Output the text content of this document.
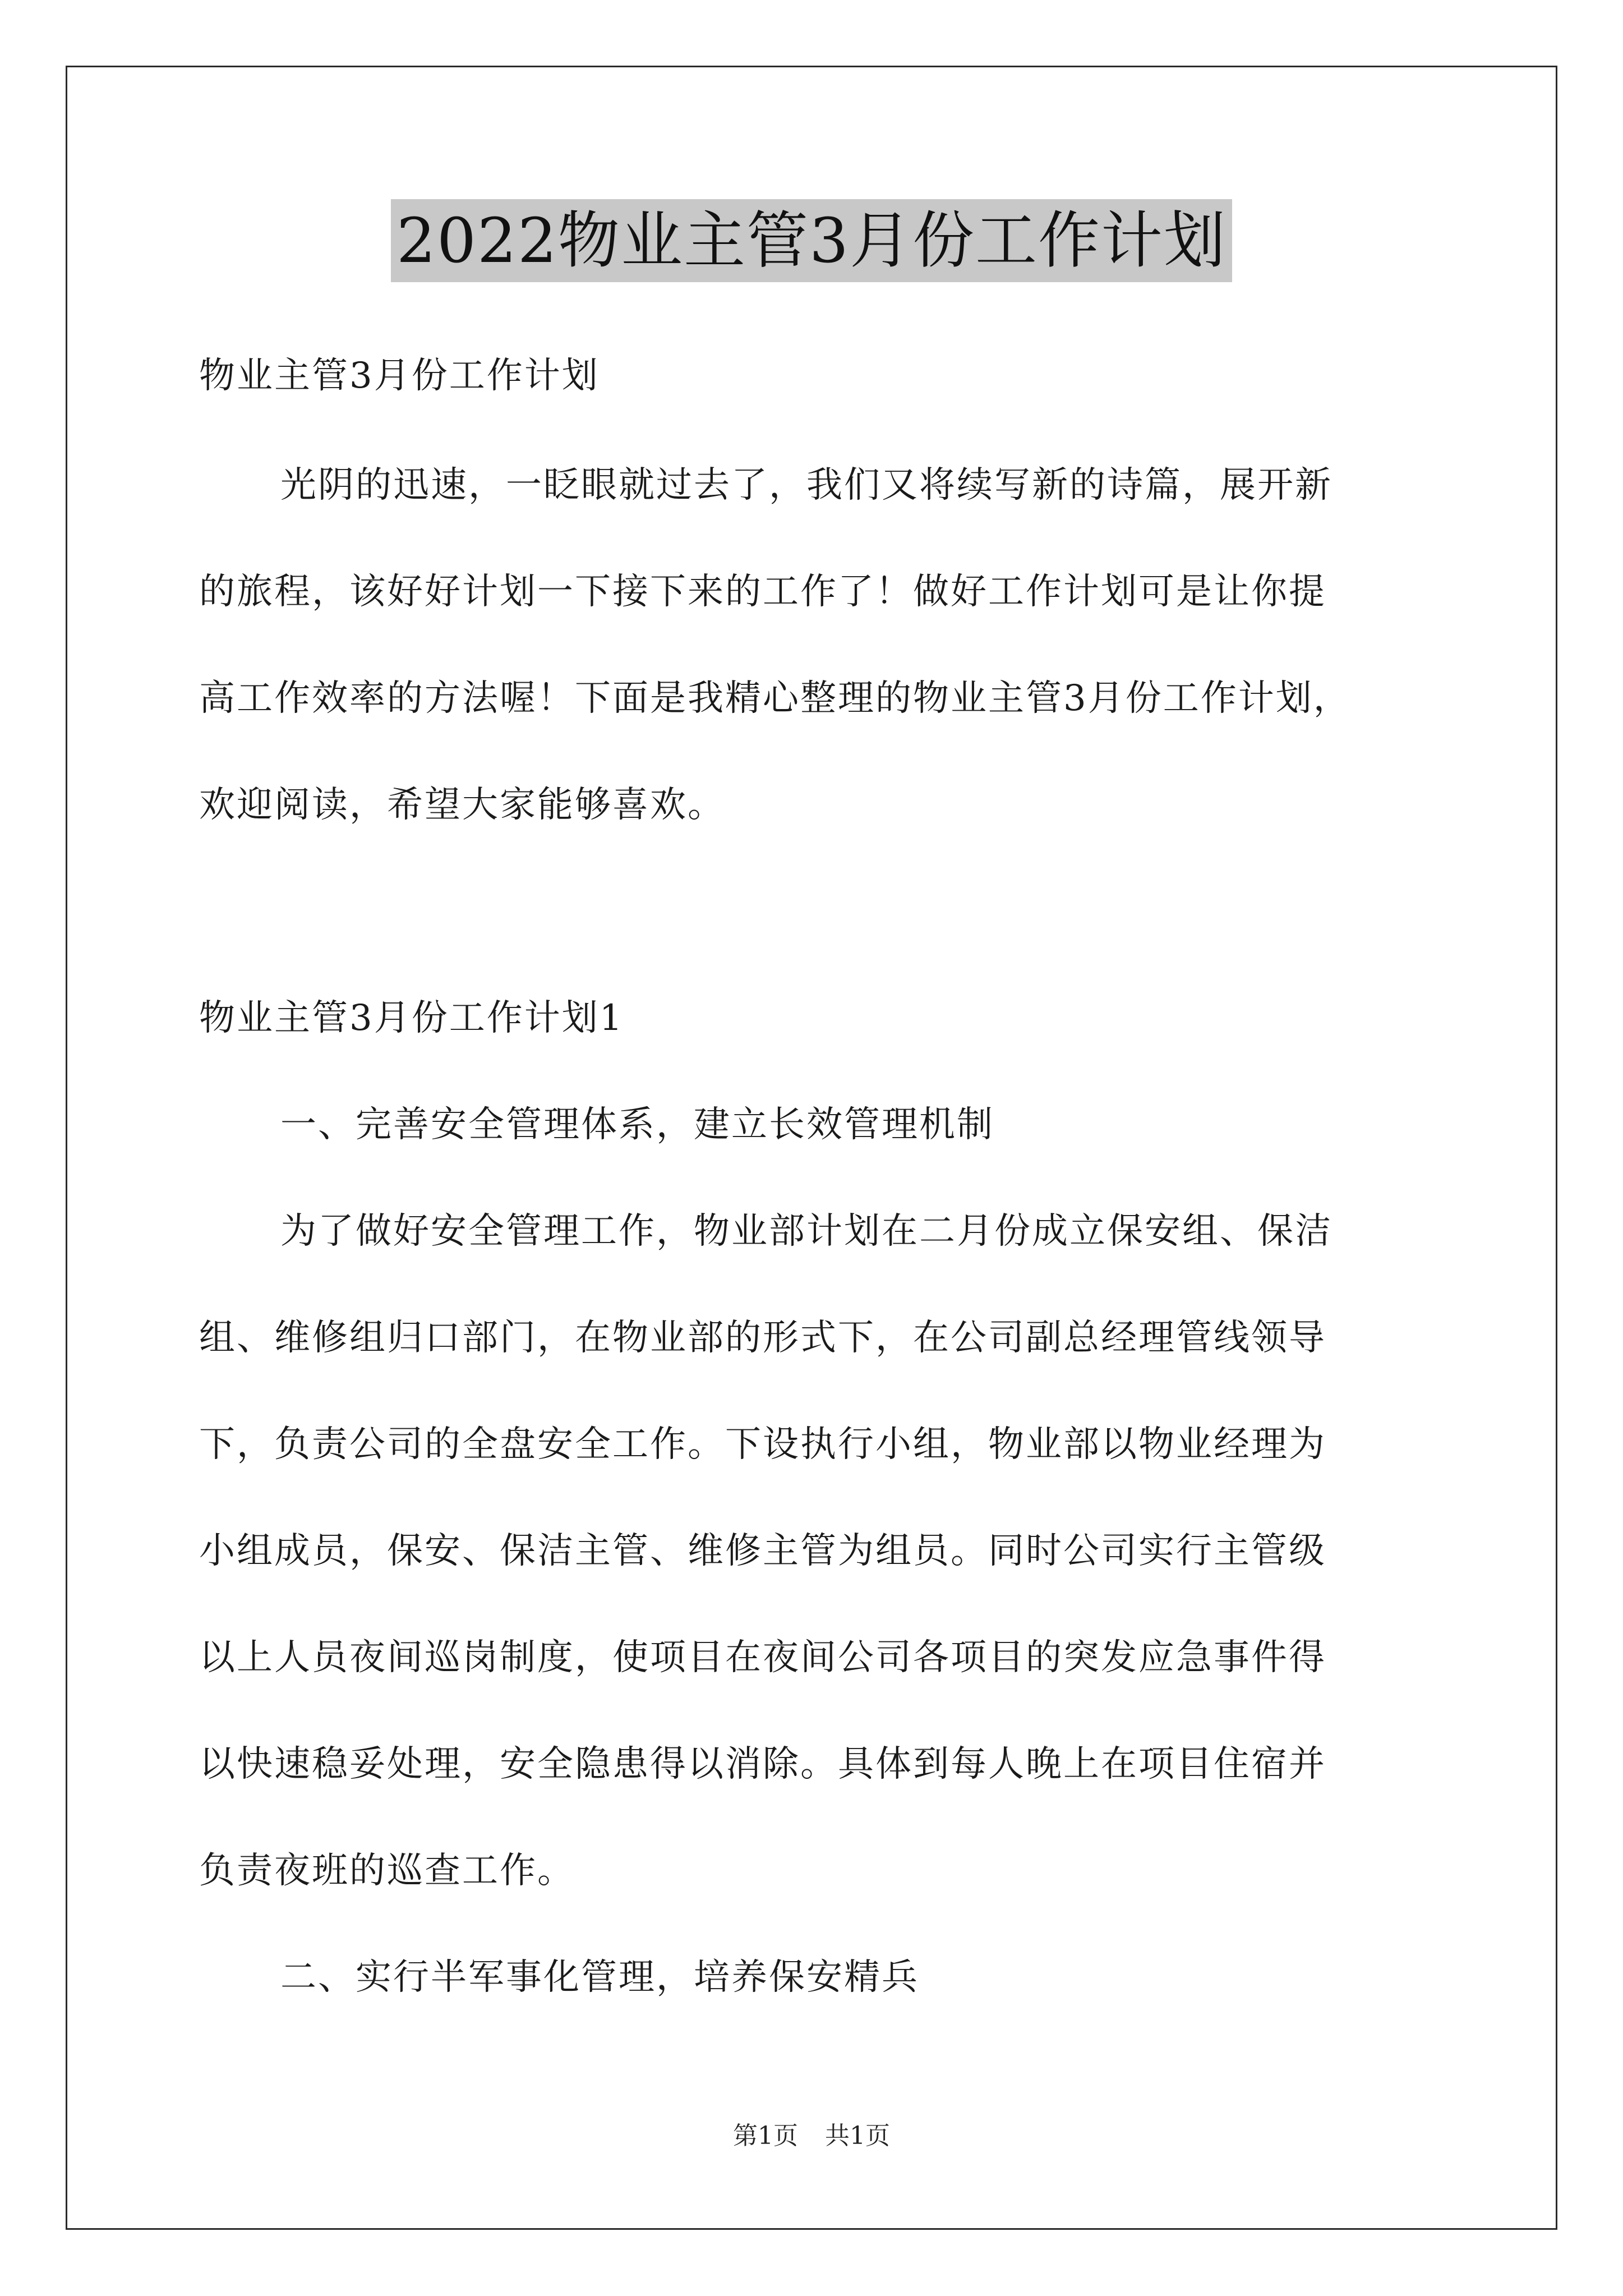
2022物业主管3月份工作计划
物业主管3月份工作计划
光阴的迅速，一眨眼就过去了，我们又将续写新的诗篇，展开新
的旅程，该好好计划一下接下来的工作了！做好工作计划可是让你提
高工作效率的方法喔！下面是我精心整理的物业主管3月份工作计划，
欢迎阅读，希望大家能够喜欢。
物业主管3月份工作计划1
一、完善安全管理体系，建立长效管理机制
为了做好安全管理工作，物业部计划在二月份成立保安组、保洁
组、维修组归口部门，在物业部的形式下，在公司副总经理管线领导
下，负责公司的全盘安全工作。下设执行小组，物业部以物业经理为
小组成员，保安、保洁主管、维修主管为组员。同时公司实行主管级
以上人员夜间巡岗制度，使项目在夜间公司各项目的突发应急事件得
以快速稳妥处理，安全隐患得以消除。具体到每人晚上在项目住宿并
负责夜班的巡查工作。
二、实行半军事化管理，培养保安精兵
第1页 共1页
